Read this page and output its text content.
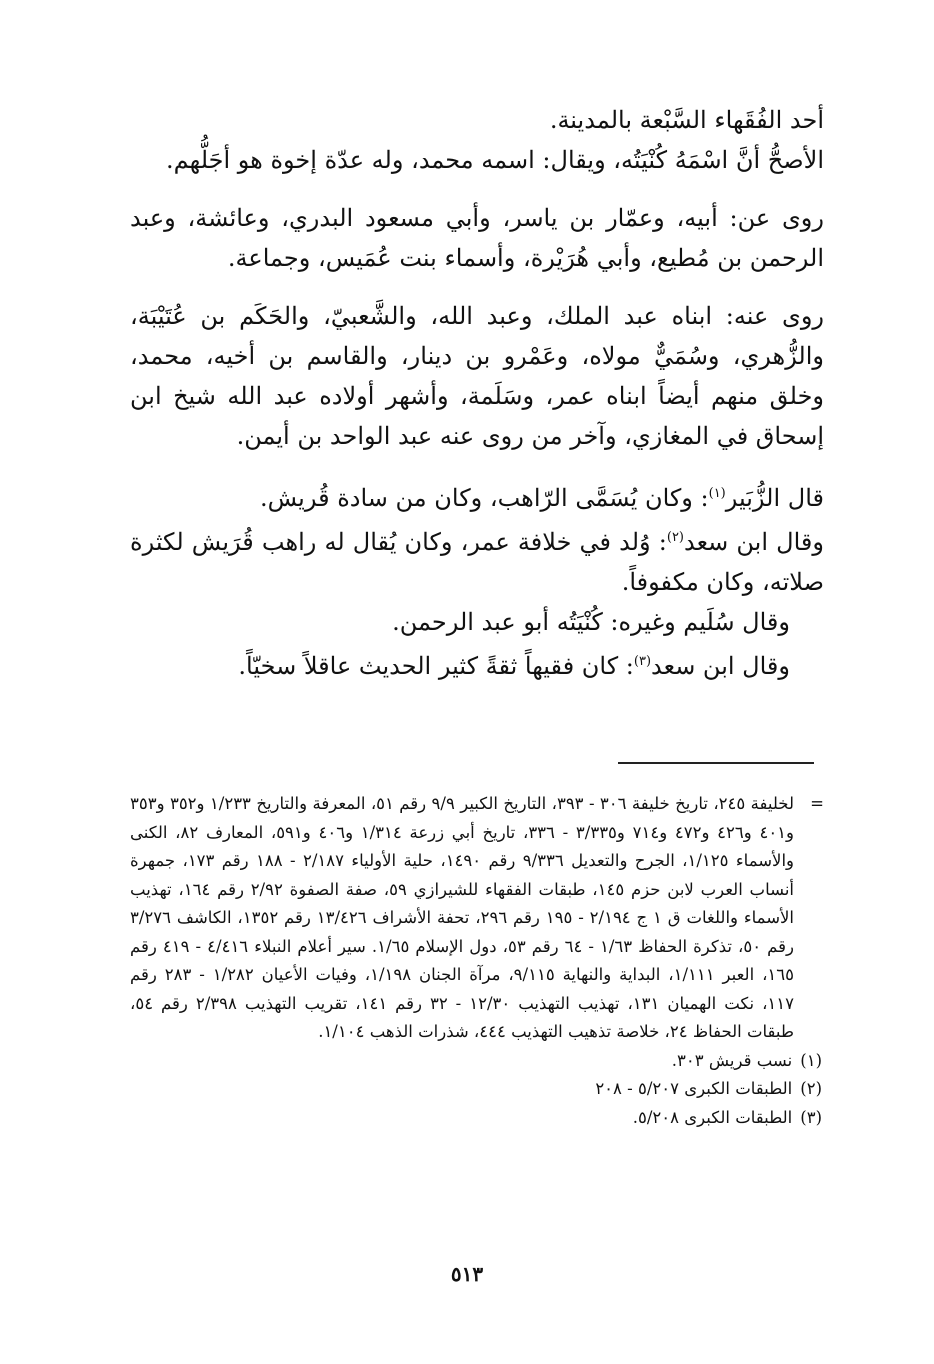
أحد الفُقَهاء السَّبْعة بالمدينة.

الأصحُّ أنَّ اسْمَهُ كُنْيَتُه، ويقال: اسمه محمد، وله عدّة إخوة هو أجَلُّهم.

روى عن: أبيه، وعمّار بن ياسر، وأبي مسعود البدري، وعائشة، وعبد الرحمن بن مُطيع، وأبي هُرَيْرة، وأسماء بنت عُمَيس، وجماعة.

روى عنه: ابناه عبد الملك، وعبد الله، والشَّعبيّ، والحَكَم بن عُتَيْبَة، والزُّهري، وسُمَيٌّ مولاه، وعَمْرو بن دينار، والقاسم بن أخيه، محمد، وخلق منهم أيضاً ابناه عمر، وسَلَمة، وأشهر أولاده عبد الله شيخ ابن إسحاق في المغازي، وآخر من روى عنه عبد الواحد بن أيمن.

قال الزُّبَير$^{(١)}$: وكان يُسَمَّى الرّاهب، وكان من سادة قُريش.

وقال ابن سعد$^{(٢)}$: وُلد في خلافة عمر، وكان يُقال له راهب قُرَيش لكثرة صلاته، وكان مكفوفاً.

وقال سُلَيم وغيره: كُنْيَتُه أبو عبد الرحمن.

وقال ابن سعد$^{(٣)}$: كان فقيهاً ثقةً كثير الحديث عاقلاً سخيّاً.

=
لخليفة ٢٤٥، تاريخ خليفة ٣٠٦ - ٣٩٣، التاريخ الكبير ٩/٩ رقم ٥١، المعرفة والتاريخ ١/٢٣٣ و٣٥٢ و٣٥٣ و٤٠١ و٤٢٦ و٤٧٢ و٧١٤ و٣/٣٣٥ - ٣٣٦، تاريخ أبي زرعة ١/٣١٤ و٤٠٦ و٥٩١، المعارف ٨٢، الكنى والأسماء ١/١٢٥، الجرح والتعديل ٩/٣٣٦ رقم ١٤٩٠، حلية الأولياء ٢/١٨٧ - ١٨٨ رقم ١٧٣، جمهرة أنساب العرب لابن حزم ١٤٥، طبقات الفقهاء للشيرازي ٥٩، صفة الصفوة ٢/٩٢ رقم ١٦٤، تهذيب الأسماء واللغات ق ١ ج ٢/١٩٤ - ١٩٥ رقم ٢٩٦، تحفة الأشراف ١٣/٤٢٦ رقم ١٣٥٢، الكاشف ٣/٢٧٦ رقم ٥٠، تذكرة الحفاظ ١/٦٣ - ٦٤ رقم ٥٣، دول الإسلام ١/٦٥. سير أعلام النبلاء ٤/٤١٦ - ٤١٩ رقم ١٦٥، العبر ١/١١١، البداية والنهاية ٩/١١٥، مرآة الجنان ١/١٩٨، وفيات الأعيان ١/٢٨٢ - ٢٨٣ رقم ١١٧، نكت الهميان ١٣١، تهذيب التهذيب ١٢/٣٠ - ٣٢ رقم ١٤١، تقريب التهذيب ٢/٣٩٨ رقم ٥٤، طبقات الحفاظ ٢٤، خلاصة تذهيب التهذيب ٤٤٤، شذرات الذهب ١/١٠٤.

(١)
نسب قريش ٣٠٣.
(٢)
الطبقات الكبرى ٥/٢٠٧ - ٢٠٨
(٣)
الطبقات الكبرى ٥/٢٠٨.
٥١٣
